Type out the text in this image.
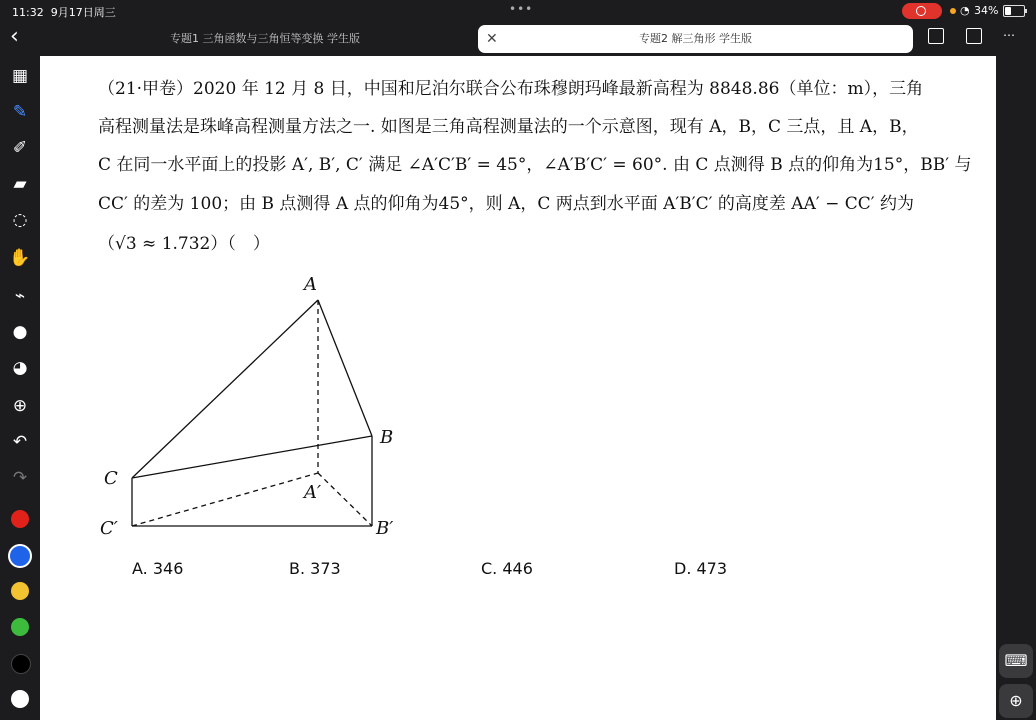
11:32 9月17日周三	•••	◔ 34%
‹	专题1 三角函数与三角恒等变换 学生版	✕	专题2 解三角形 学生版	⋯
▦
✎
✐
▰
◌
✋
⌁
●
◕
⊕
↶
↷
（21·甲卷）2020 年 12 月 8 日，中国和尼泊尔联合公布珠穆朗玛峰最新高程为 8848.86（单位：m），三角
高程测量法是珠峰高程测量方法之一. 如图是三角高程测量法的一个示意图，现有 A，B，C 三点，且 A，B，
C 在同一水平面上的投影 A′, B′, C′ 满足 ∠A′C′B′ = 45°，∠A′B′C′ = 60°. 由 C 点测得 B 点的仰角为15°，BB′ 与
CC′ 的差为 100；由 B 点测得 A 点的仰角为45°，则 A，C 两点到水平面 A′B′C′ 的高度差 AA′ − CC′ 约为
（√3 ≈ 1.732）（　）
A
B
C
A′
B′
C′
A. 346	B. 373	C. 446	D. 473
⌨
⊕
